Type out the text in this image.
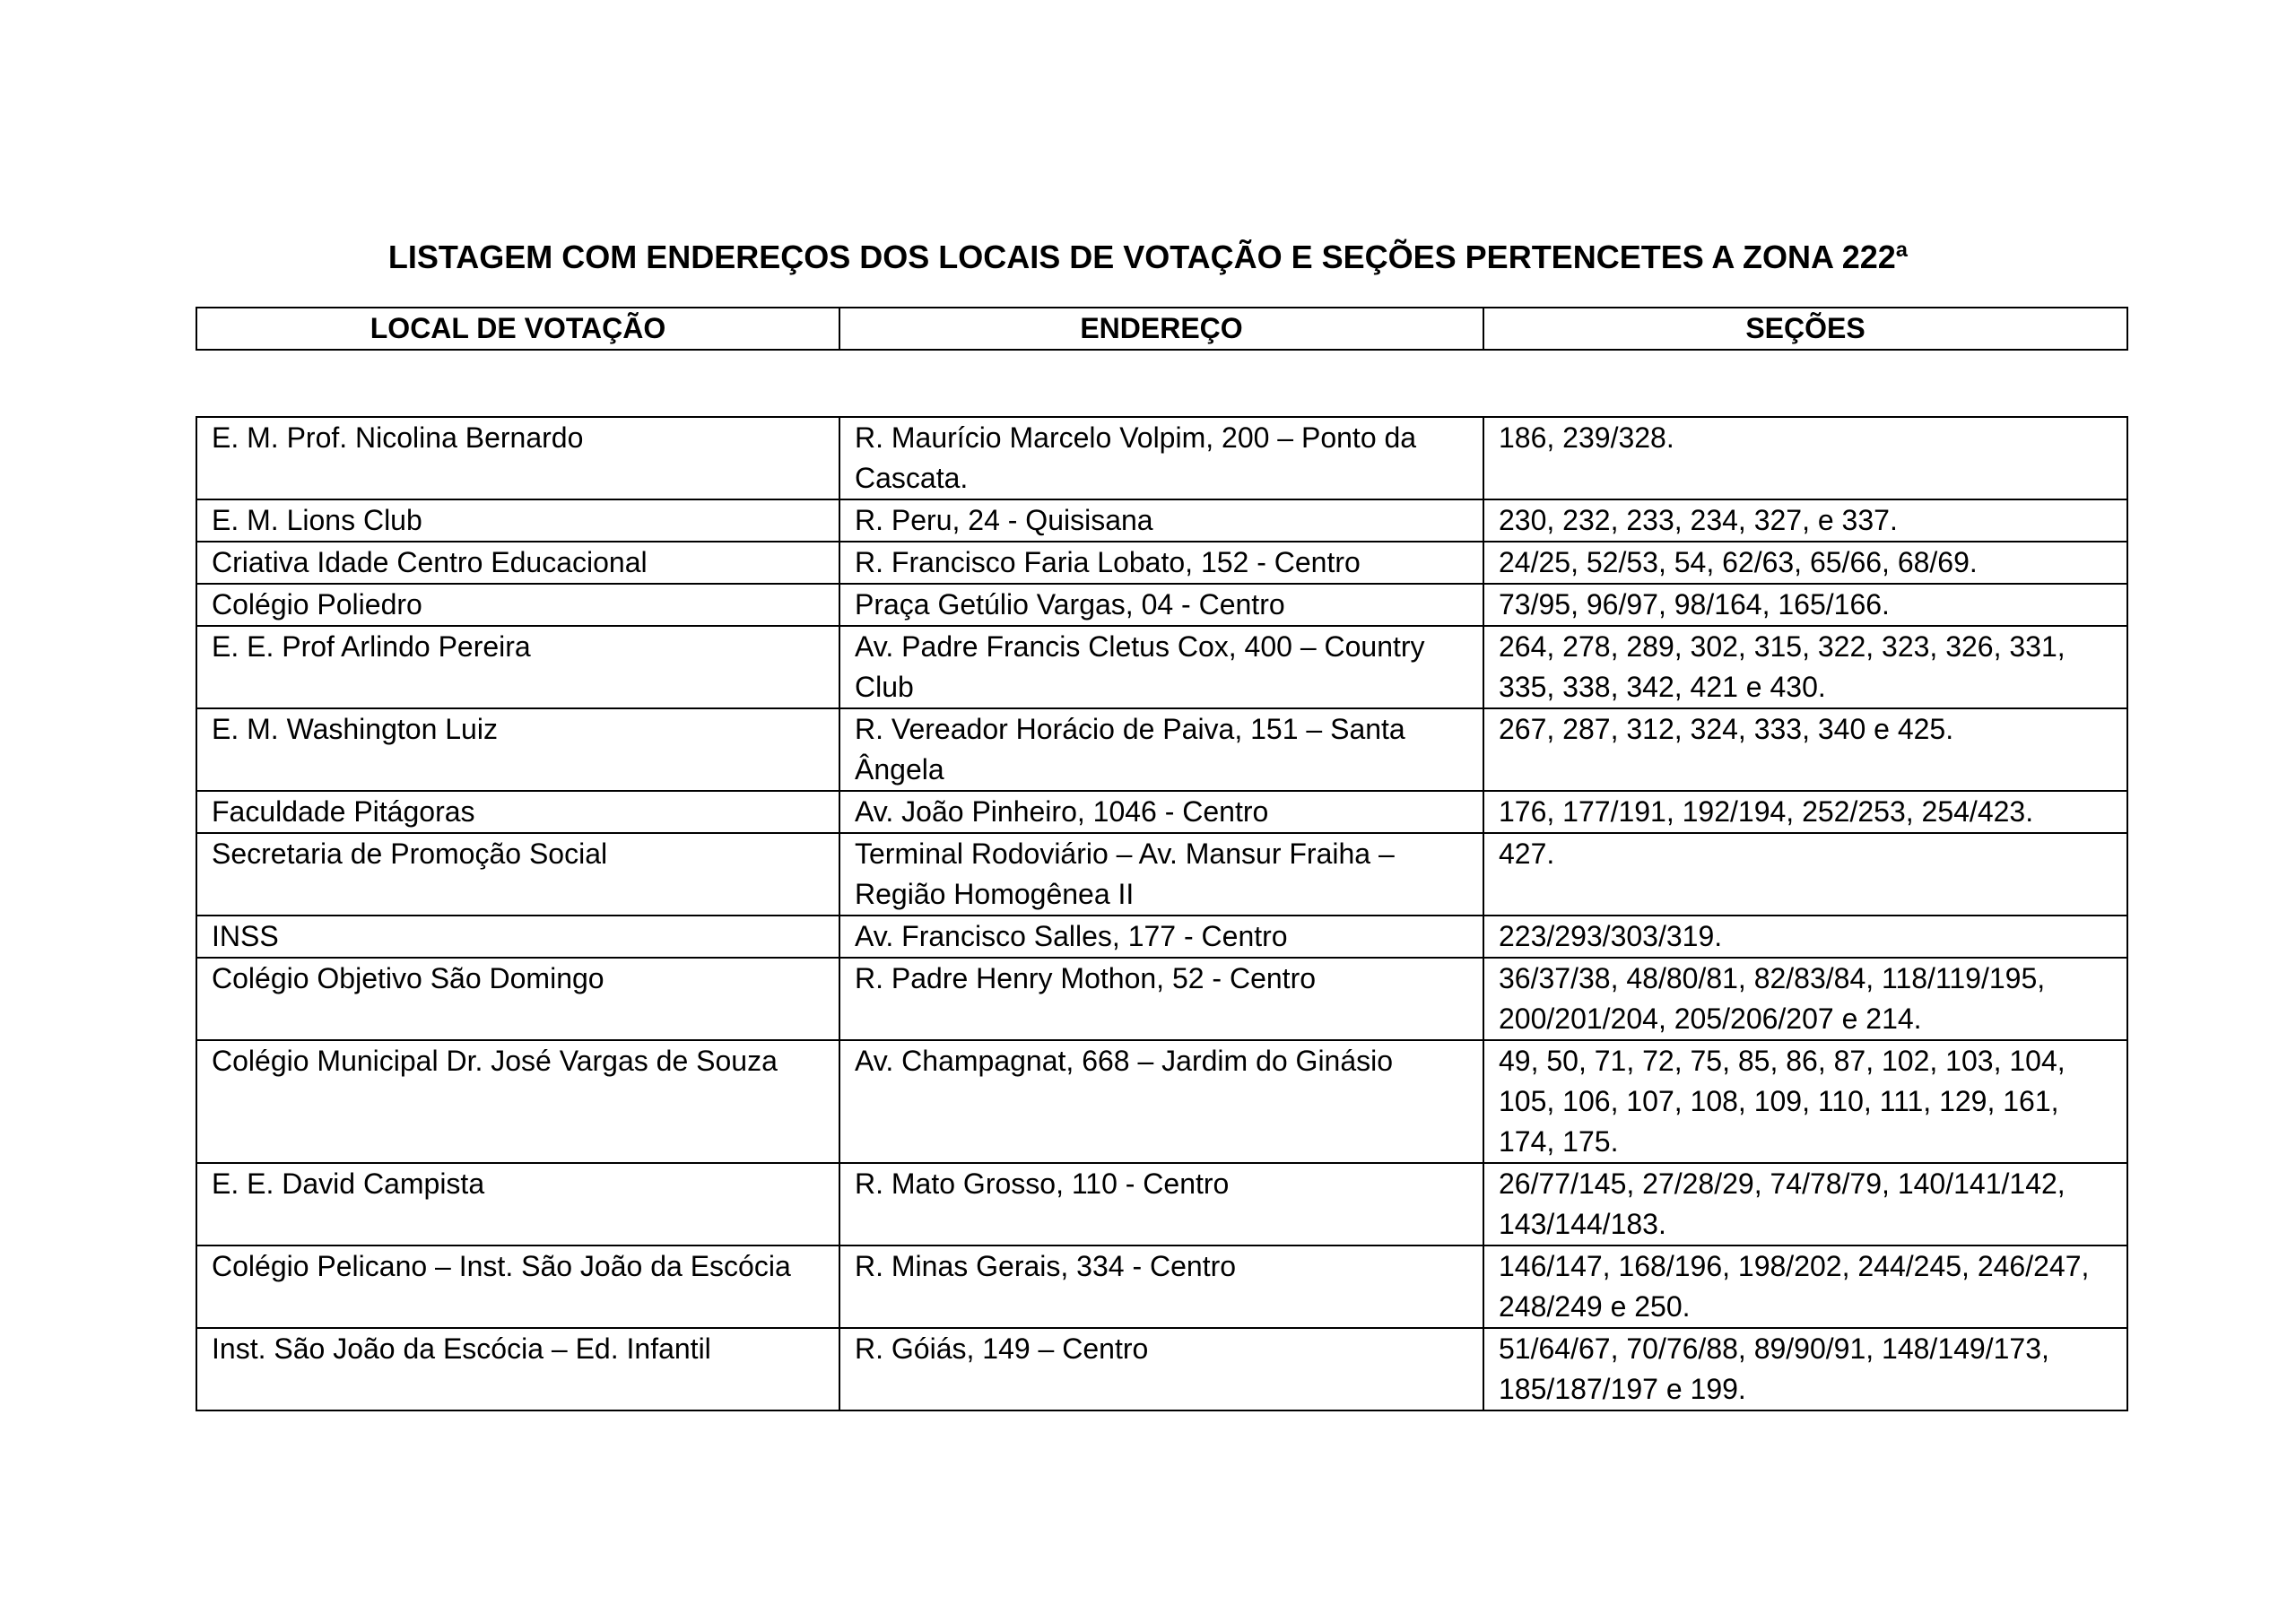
LISTAGEM COM ENDEREÇOS DOS LOCAIS DE VOTAÇÃO E SEÇÕES PERTENCETES A ZONA 222ª
LOCAL DE VOTAÇÃO	ENDEREÇO	SEÇÕES
E. M. Prof. Nicolina Bernardo	R. Maurício Marcelo Volpim, 200 – Ponto da Cascata.	186, 239/328.
E. M. Lions Club	R. Peru, 24 - Quisisana	230, 232, 233, 234, 327, e 337.
Criativa Idade Centro Educacional	R. Francisco Faria Lobato, 152 - Centro	24/25, 52/53, 54, 62/63, 65/66, 68/69.
Colégio Poliedro	Praça Getúlio Vargas, 04 - Centro	73/95, 96/97, 98/164, 165/166.
E. E. Prof Arlindo Pereira	Av. Padre Francis Cletus Cox, 400 – Country Club	264, 278, 289, 302, 315, 322, 323, 326, 331, 335, 338, 342, 421 e 430.
E. M. Washington Luiz	R. Vereador Horácio de Paiva, 151 – Santa Ângela	267, 287, 312, 324, 333, 340 e 425.
Faculdade Pitágoras	Av. João Pinheiro, 1046 - Centro	176, 177/191, 192/194, 252/253, 254/423.
Secretaria de Promoção Social	Terminal Rodoviário – Av. Mansur Fraiha – Região Homogênea II	427.
INSS	Av. Francisco Salles, 177 - Centro	223/293/303/319.
Colégio Objetivo São Domingo	R. Padre Henry Mothon, 52 - Centro	36/37/38, 48/80/81, 82/83/84, 118/119/195, 200/201/204, 205/206/207 e 214.
Colégio Municipal Dr. José Vargas de Souza	Av. Champagnat, 668 – Jardim do Ginásio	49, 50, 71, 72, 75, 85, 86, 87, 102, 103, 104, 105, 106, 107, 108, 109, 110, 111, 129, 161, 174, 175.
E. E. David Campista	R. Mato Grosso, 110 - Centro	26/77/145, 27/28/29, 74/78/79, 140/141/142, 143/144/183.
Colégio Pelicano – Inst. São João da Escócia	R. Minas Gerais, 334 - Centro	146/147, 168/196, 198/202, 244/245, 246/247, 248/249 e 250.
Inst. São João da Escócia – Ed. Infantil	R. Góiás, 149 – Centro	51/64/67, 70/76/88, 89/90/91, 148/149/173, 185/187/197 e 199.
